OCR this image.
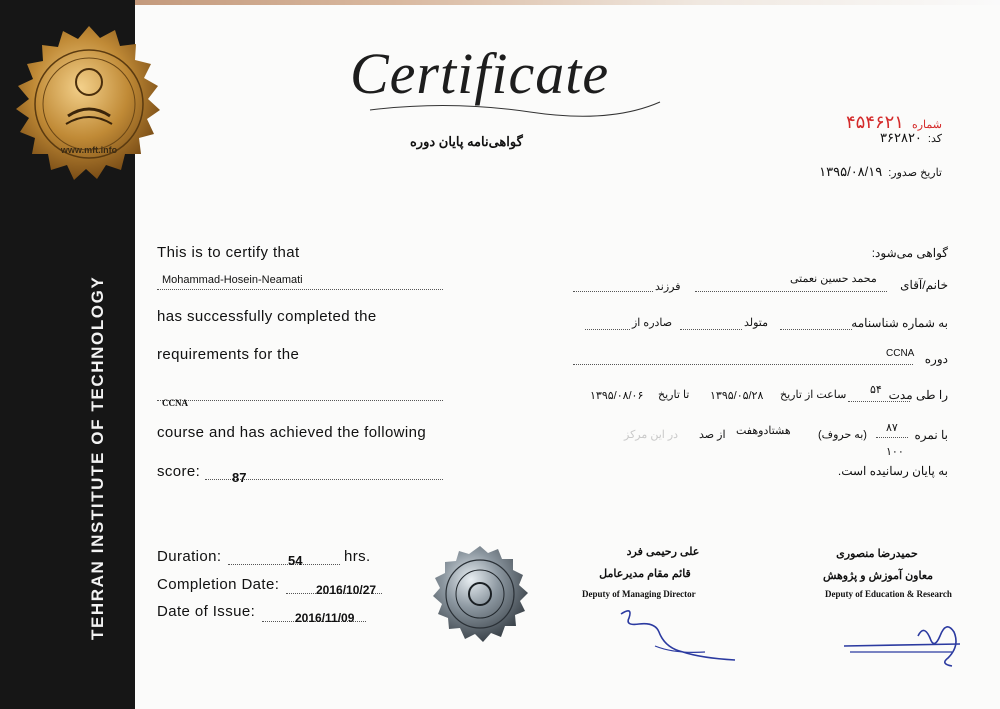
TEHRAN INSTITUTE OF TECHNOLOGY
www.mft.info
Certificate
گواهی‌نامه پایان دوره
شماره۴۵۴۶۲۱
کد:۳۶۲۸۲۰
تاریخ صدور:۱۳۹۵/۰۸/۱۹
This is to certify that
Mohammad-Hosein-Neamati
has successfully completed the
requirements for the
CCNA
course and has achieved the following
score: 87
Duration:	54	hrs.
Completion Date:	2016/10/27
Date of Issue:	2016/11/09
گواهی می‌شود:
خانم/آقای
محمد حسین نعمتی
فرزند
به شماره شناسنامه
متولد
صادره از
دوره
CCNA
را طی مدت
۵۴
ساعت از تاریخ
۱۳۹۵/۰۵/۲۸
تا تاریخ
۱۳۹۵/۰۸/۰۶
با نمره
۸۷
(به حروف)
هشتادوهفت
از صد
در این مرکز
۱۰۰
به پایان رسانیده است.
علی رحیمی فرد
قائم مقام مدیرعامل
Deputy of Managing Director
حمیدرضا منصوری
معاون آموزش و پژوهش
Deputy of Education & Research
